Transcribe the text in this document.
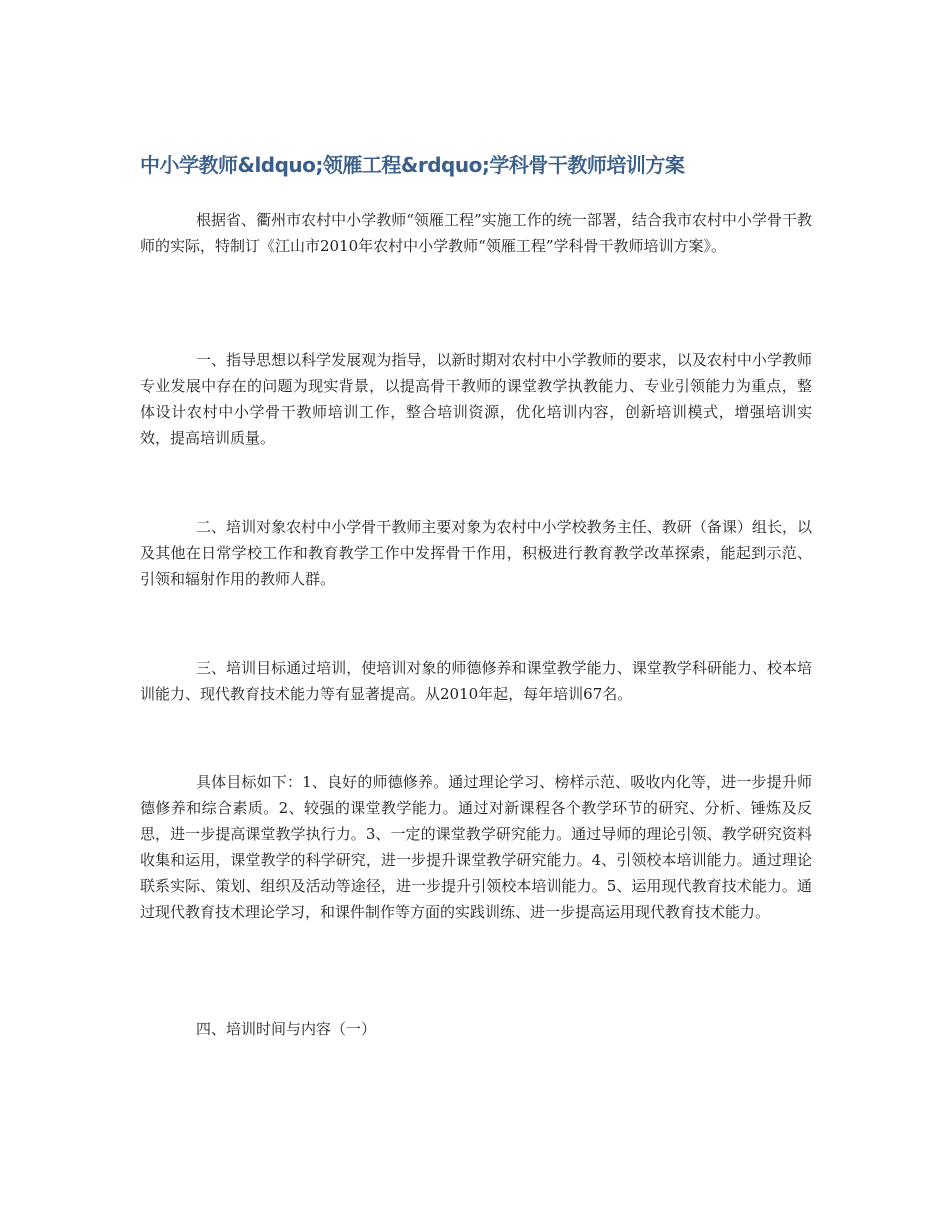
中小学教师&ldquo;领雁工程&rdquo;学科骨干教师培训方案

根据省、衢州市农村中小学教师“领雁工程”实施工作的统一部署，结合我市农村中小学骨干教师的实际，特制订《江山市2010年农村中小学教师“领雁工程”学科骨干教师培训方案》。

一、指导思想以科学发展观为指导，以新时期对农村中小学教师的要求，以及农村中小学教师专业发展中存在的问题为现实背景，以提高骨干教师的课堂教学执教能力、专业引领能力为重点，整体设计农村中小学骨干教师培训工作，整合培训资源，优化培训内容，创新培训模式，增强培训实效，提高培训质量。

二、培训对象农村中小学骨干教师主要对象为农村中小学校教务主任、教研（备课）组长，以及其他在日常学校工作和教育教学工作中发挥骨干作用，积极进行教育教学改革探索，能起到示范、引领和辐射作用的教师人群。

三、培训目标通过培训，使培训对象的师德修养和课堂教学能力、课堂教学科研能力、校本培训能力、现代教育技术能力等有显著提高。从2010年起，每年培训67名。

具体目标如下：1、良好的师德修养。通过理论学习、榜样示范、吸收内化等，进一步提升师德修养和综合素质。2、较强的课堂教学能力。通过对新课程各个教学环节的研究、分析、锤炼及反思，进一步提高课堂教学执行力。3、一定的课堂教学研究能力。通过导师的理论引领、教学研究资料收集和运用，课堂教学的科学研究，进一步提升课堂教学研究能力。4、引领校本培训能力。通过理论联系实际、策划、组织及活动等途径，进一步提升引领校本培训能力。5、运用现代教育技术能力。通过现代教育技术理论学习，和课件制作等方面的实践训练、进一步提高运用现代教育技术能力。

四、培训时间与内容（一）
